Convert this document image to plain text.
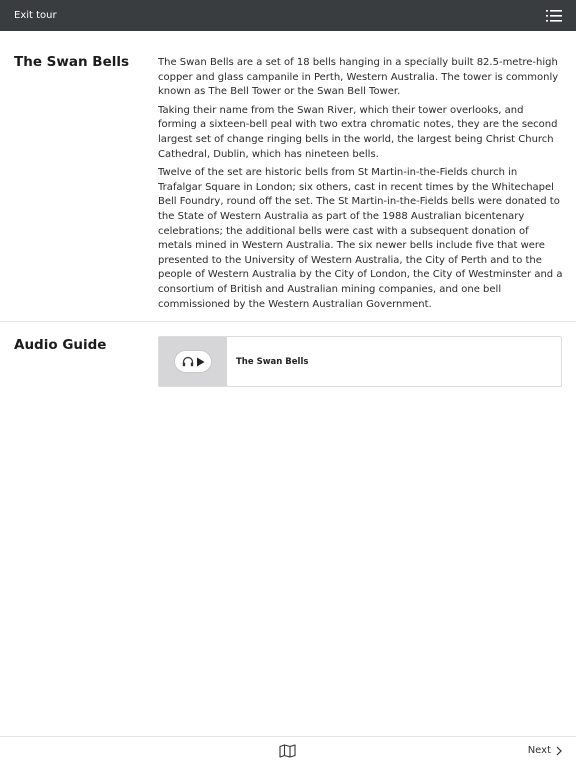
Exit tour
The Swan Bells	The Swan Bells are a set of 18 bells hanging in a specially built 82.5-metre-high copper and glass campanile in Perth, Western Australia. The tower is commonly known as The Bell Tower or the Swan Bell Tower.

Taking their name from the Swan River, which their tower overlooks, and forming a sixteen-bell peal with two extra chromatic notes, they are the second largest set of change ringing bells in the world, the largest being Christ Church Cathedral, Dublin, which has nineteen bells.

Twelve of the set are historic bells from St Martin-in-the-Fields church in Trafalgar Square in London; six others, cast in recent times by the Whitechapel Bell Foundry, round off the set. The St Martin-in-the-Fields bells were donated to the State of Western Australia as part of the 1988 Australian bicentenary celebrations; the additional bells were cast with a subsequent donation of metals mined in Western Australia. The six newer bells include five that were presented to the University of Western Australia, the City of Perth and to the people of Western Australia by the City of London, the City of Westminster and a consortium of British and Australian mining companies, and one bell commissioned by the Western Australian Government.

Audio Guide
The Swan Bells
Next
